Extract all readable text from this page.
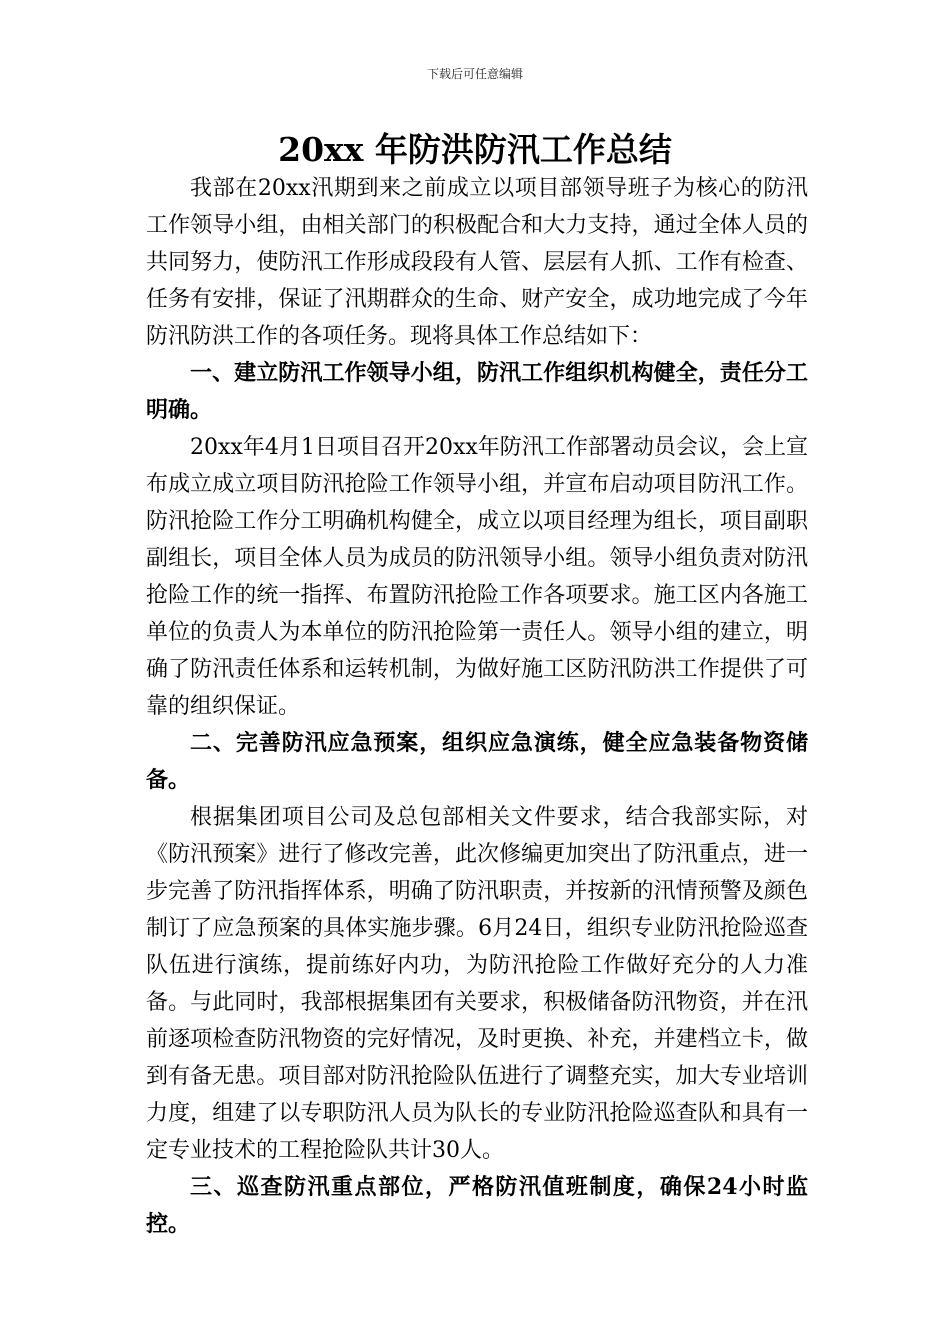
下载后可任意编辑
20xx 年防洪防汛工作总结

我部在20xx汛期到来之前成立以项目部领导班子为核心的防汛工作领导小组，由相关部门的积极配合和大力支持，通过全体人员的共同努力，使防汛工作形成段段有人管、层层有人抓、工作有检查、任务有安排，保证了汛期群众的生命、财产安全，成功地完成了今年防汛防洪工作的各项任务。现将具体工作总结如下：

一、建立防汛工作领导小组，防汛工作组织机构健全，责任分工明确。

20xx年4月1日项目召开20xx年防汛工作部署动员会议，会上宣布成立成立项目防汛抢险工作领导小组，并宣布启动项目防汛工作。防汛抢险工作分工明确机构健全，成立以项目经理为组长，项目副职副组长，项目全体人员为成员的防汛领导小组。领导小组负责对防汛抢险工作的统一指挥、布置防汛抢险工作各项要求。施工区内各施工单位的负责人为本单位的防汛抢险第一责任人。领导小组的建立，明确了防汛责任体系和运转机制，为做好施工区防汛防洪工作提供了可靠的组织保证。

二、完善防汛应急预案，组织应急演练，健全应急装备物资储备。

根据集团项目公司及总包部相关文件要求，结合我部实际，对《防汛预案》进行了修改完善，此次修编更加突出了防汛重点，进一步完善了防汛指挥体系，明确了防汛职责，并按新的汛情预警及颜色制订了应急预案的具体实施步骤。6月24日，组织专业防汛抢险巡查队伍进行演练，提前练好内功，为防汛抢险工作做好充分的人力准备。与此同时，我部根据集团有关要求，积极储备防汛物资，并在汛前逐项检查防汛物资的完好情况，及时更换、补充，并建档立卡，做到有备无患。项目部对防汛抢险队伍进行了调整充实，加大专业培训力度，组建了以专职防汛人员为队长的专业防汛抢险巡查队和具有一定专业技术的工程抢险队共计30人。

三、巡查防汛重点部位，严格防汛值班制度，确保24小时监控。
